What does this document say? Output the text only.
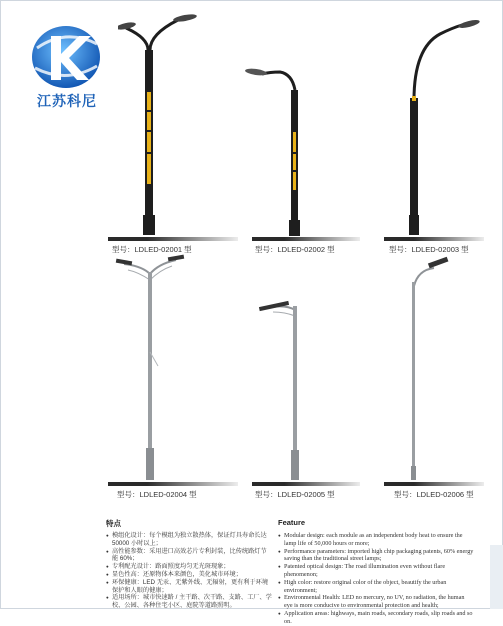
江苏科尼
型号：LDLED-02001 型	型号：LDLED-02002 型	型号：LDLED-02003 型
型号：LDLED-02004 型	型号：LDLED-02005 型	型号：LDLED-02006 型
特点	Feature
● 模组化设计：每个模组为独立散热体，保证灯具寿命长达 50000 小时以上；
● 高性能参数：采用进口高效芯片专利封装，比传统路灯节能 60%；
● 专利配光设计：路面照度均匀无光斑现象；
● 显色性高：还原物体本来颜色，美化城市环境；
● 环保健康：LED 无汞、无紫外线、无辐射，更有利于环境保护和人眼的健康；
● 适用场所：城市快速路 / 主干路、次干路、支路、工厂、学校、公园、各种住宅小区、庭院等道路照明。
● Modular design: each module as an independent body heat to ensure the lamp life of 50,000 hours or more;
● Performance parameters: imported high chip packaging patents, 60% energy saving than the traditional street lamps;
● Patented optical design: The road illumination even without flare phenomenon;
● High color: restore original color of the object, beautify the urban environment;
● Environmental Health: LED no mercury, no UV, no radiation, the human eye is more conducive to environmental protection and health;
● Application areas: highways, main roads, secondary roads, slip roads and so on.
